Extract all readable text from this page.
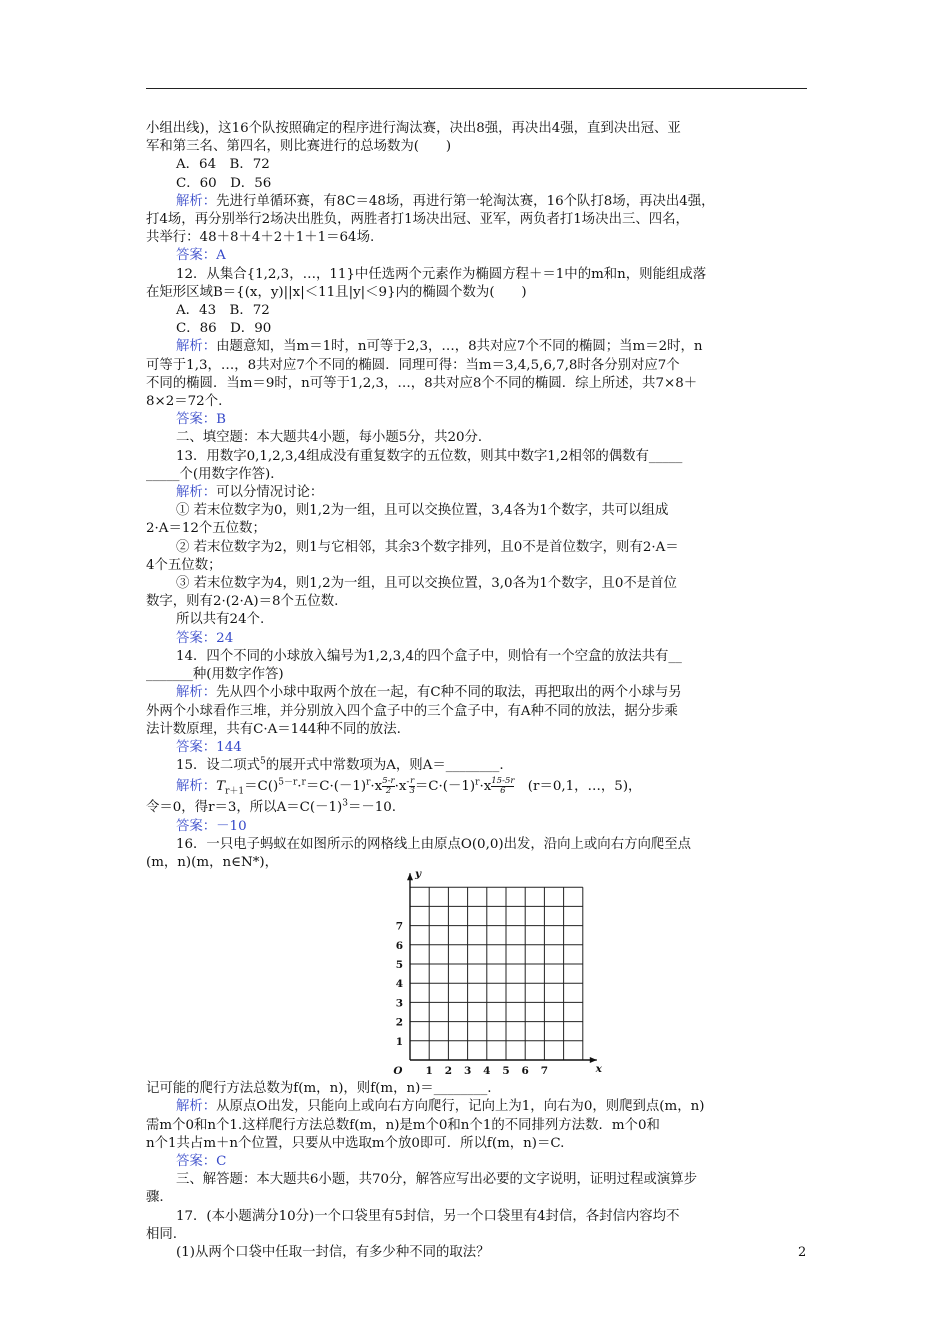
小组出线)，这16个队按照确定的程序进行淘汰赛，决出8强，再决出4强，直到决出冠、亚

军和第三名、第四名，则比赛进行的总场数为(　　)

A．64　B．72

C．60　D．56

解析：先进行单循环赛，有8C＝48场，再进行第一轮淘汰赛，16个队打8场，再决出4强，

打4场，再分别举行2场决出胜负，两胜者打1场决出冠、亚军，两负者打1场决出三、四名，

共举行：48＋8＋4＋2＋1＋1＝64场.

答案：A

12．从集合{1,2,3，…，11}中任选两个元素作为椭圆方程＋＝1中的m和n，则能组成落

在矩形区域B＝{(x，y)||x|＜11且|y|＜9}内的椭圆个数为(　　)

A．43　B．72

C．86　D．90

解析：由题意知，当m＝1时，n可等于2,3，…，8共对应7个不同的椭圆；当m＝2时，n

可等于1,3，…，8共对应7个不同的椭圆．同理可得：当m＝3,4,5,6,7,8时各分别对应7个

不同的椭圆．当m＝9时，n可等于1,2,3，…，8共对应8个不同的椭圆．综上所述，共7×8＋

8×2＝72个.

答案：B

二、填空题：本大题共4小题，每小题5分，共20分．

13．用数字0,1,2,3,4组成没有重复数字的五位数，则其中数字1,2相邻的偶数有_____

_____个(用数字作答)．

解析：可以分情况讨论：

① 若末位数字为0，则1,2为一组，且可以交换位置，3,4各为1个数字，共可以组成

2·A＝12个五位数；

② 若末位数字为2，则1与它相邻，其余3个数字排列，且0不是首位数字，则有2·A＝

4个五位数；

③ 若末位数字为4，则1,2为一组，且可以交换位置，3,0各为1个数字，且0不是首位

数字，则有2·(2·A)＝8个五位数.

所以共有24个.

答案：24

14．四个不同的小球放入编号为1,2,3,4的四个盒子中，则恰有一个空盒的放法共有__

_______种(用数字作答)

解析：先从四个小球中取两个放在一起，有C种不同的取法，再把取出的两个小球与另

外两个小球看作三堆，并分别放入四个盒子中的三个盒子中，有A种不同的放法，据分步乘

法计数原理，共有C·A＝144种不同的放法.

答案：144

15．设二项式$^5$的展开式中常数项为A，则A＝________.

解析：$T_{r+1}=C()^{5-r}\cdot^r=C\cdot(-1)^r\cdot x \frac{5-r}{2} \cdot x^- \frac{r}{3} =C\cdot(-1)^r\cdot x \frac{15-5r}{6}$ 　(r＝0,1，…，5)，

令＝0，得r＝3，所以$A=C(-1)^3=-10$.

答案：－10

16．一只电子蚂蚁在如图所示的网格线上由原点O(0,0)出发，沿向上或向右方向爬至点

(m，n)(m，n∈N*)，

1 2 3 4 5 6 7
1
2
3
4
5
6
7
O	x
y

记可能的爬行方法总数为f(m，n)，则f(m，n)＝________.

解析：从原点O出发，只能向上或向右方向爬行，记向上为1，向右为0，则爬到点(m，n)

需m个0和n个1.这样爬行方法总数f(m，n)是m个0和n个1的不同排列方法数．m个0和

n个1共占m＋n个位置，只要从中选取m个放0即可．所以f(m，n)＝C.

答案：C

三、解答题：本大题共6小题，共70分，解答应写出必要的文字说明，证明过程或演算步

骤.

17．(本小题满分10分)一个口袋里有5封信，另一个口袋里有4封信，各封信内容均不

相同.

(1)从两个口袋中任取一封信，有多少种不同的取法？	2
